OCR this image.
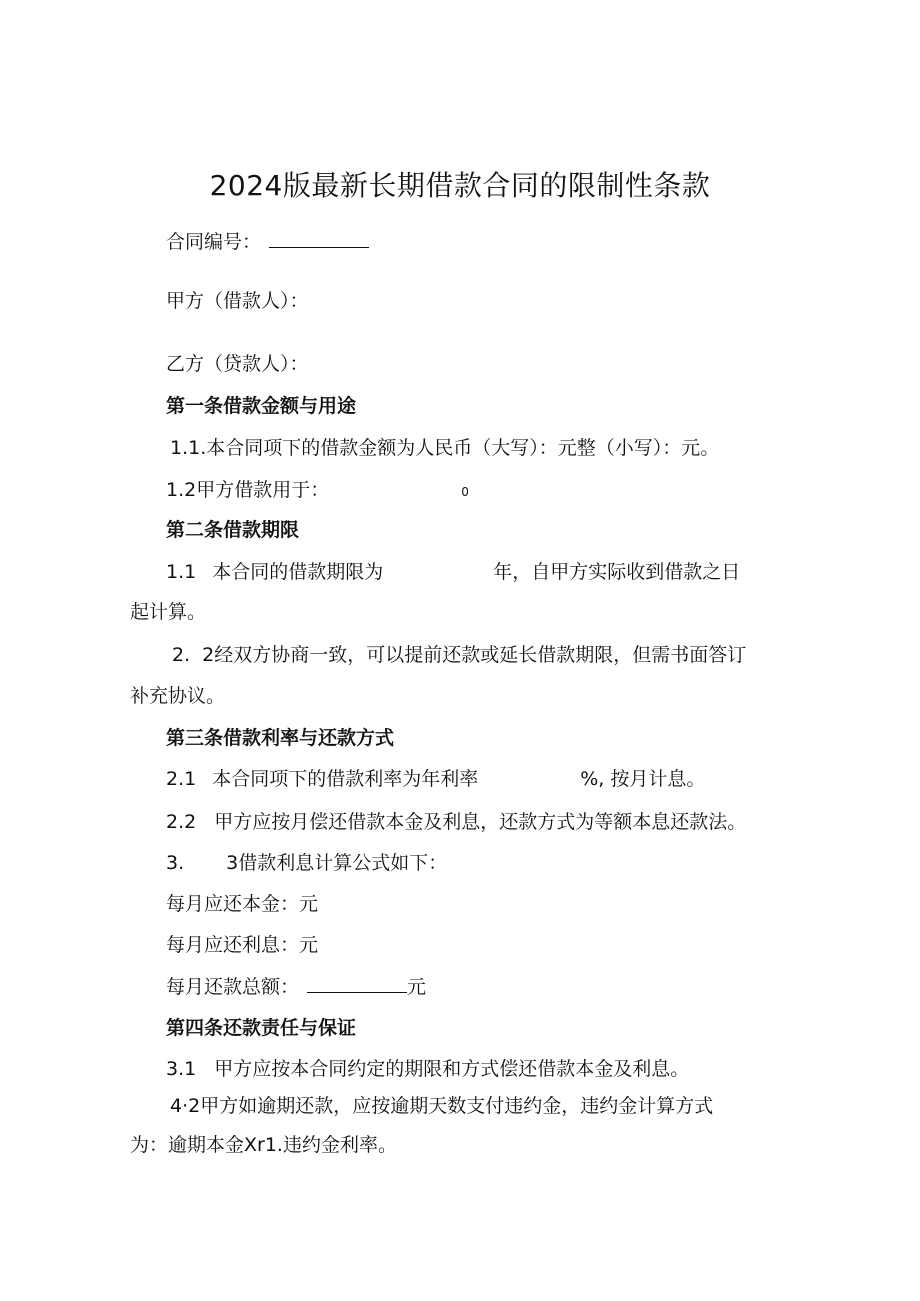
2024版最新长期借款合同的限制性条款
合同编号：
甲方（借款人）：
乙方（贷款人）：
第一条借款金额与用途
1.1.本合同项下的借款金额为人民币（大写）：元整（小写）：元。
1.2甲方借款用于：	0
第二条借款期限
1.1 本合同的借款期限为	年，自甲方实际收到借款之日
起计算。
2. 2经双方协商一致，可以提前还款或延长借款期限，但需书面答订
补充协议。
第三条借款利率与还款方式
2.1 本合同项下的借款利率为年利率	%, 按月计息。
2.2 甲方应按月偿还借款本金及利息，还款方式为等额本息还款法。
3. 3借款利息计算公式如下：
每月应还本金：元
每月应还利息：元
每月还款总额：	元
第四条还款责任与保证
3.1 甲方应按本合同约定的期限和方式偿还借款本金及利息。
4·2甲方如逾期还款，应按逾期天数支付违约金，违约金计算方式
为：逾期本金Xr1.违约金利率。
